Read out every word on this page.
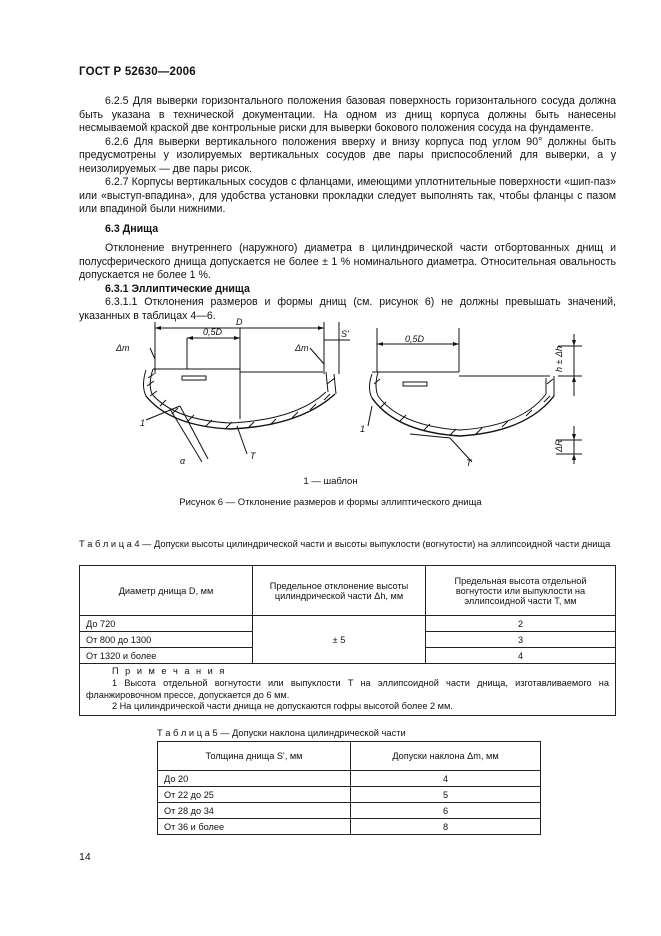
ГОСТ Р 52630—2006

6.2.5 Для выверки горизонтального положения базовая поверхность горизонтального сосуда должна быть указана в технической документации. На одном из днищ корпуса должны быть нанесены несмываемой краской две контрольные риски для выверки бокового положения сосуда на фундаменте.

6.2.6 Для выверки вертикального положения вверху и внизу корпуса под углом 90° должны быть предусмотрены у изолируемых вертикальных сосудов две пары приспособлений для выверки, а у неизолируемых — две пары рисок.

6.2.7 Корпусы вертикальных сосудов с фланцами, имеющими уплотнительные поверхности «шип-паз» или «выступ-впадина», для удобства установки прокладки следует выполнять так, чтобы фланцы с пазом или впадиной были нижними.

6.3 Днища

Отклонение внутреннего (наружного) диаметра в цилиндрической части отбортованных днищ и полусферического днища допускается не более ± 1 % номинального диаметра. Относительная овальность допускается не более 1 %.

6.3.1 Эллиптические днища

6.3.1.1 Отклонения размеров и формы днищ (см. рисунок 6) не должны превышать значений, указанных в таблицах 4—6.

D
0,5D	S'
Δm	Δm
1
α	T
0,5D
1
T
h ± Δh
ΔR
1 — шаблон
Рисунок 6 — Отклонение размеров и формы эллиптического днища
Т а б л и ц а 4 — Допуски высоты цилиндрической части и высоты выпуклости (вогнутости) на эллипсоидной части днища
Диаметр днища D, мм	Предельное отклонение высоты цилиндрической части Δh, мм	Предельная высота отдельной вогнутости или выпуклости на эллипсоидной части T, мм
До 720	± 5	2
От 800 до 1300		3
От 1320 и более		4

П р и м е ч а н и я
1 Высота отдельной вогнутости или выпуклости T на эллипсоидной части днища, изготавливаемого на фланжировочном прессе, допускается до 6 мм.
2 На цилиндрической части днища не допускаются гофры высотой более 2 мм.		
Т а б л и ц а 5 — Допуски наклона цилиндрической части
Толщина днища S', мм	Допуски наклона Δm, мм
До 20	4
От 22 до 25	5
От 28 до 34	6
От 36 и более	8
14
